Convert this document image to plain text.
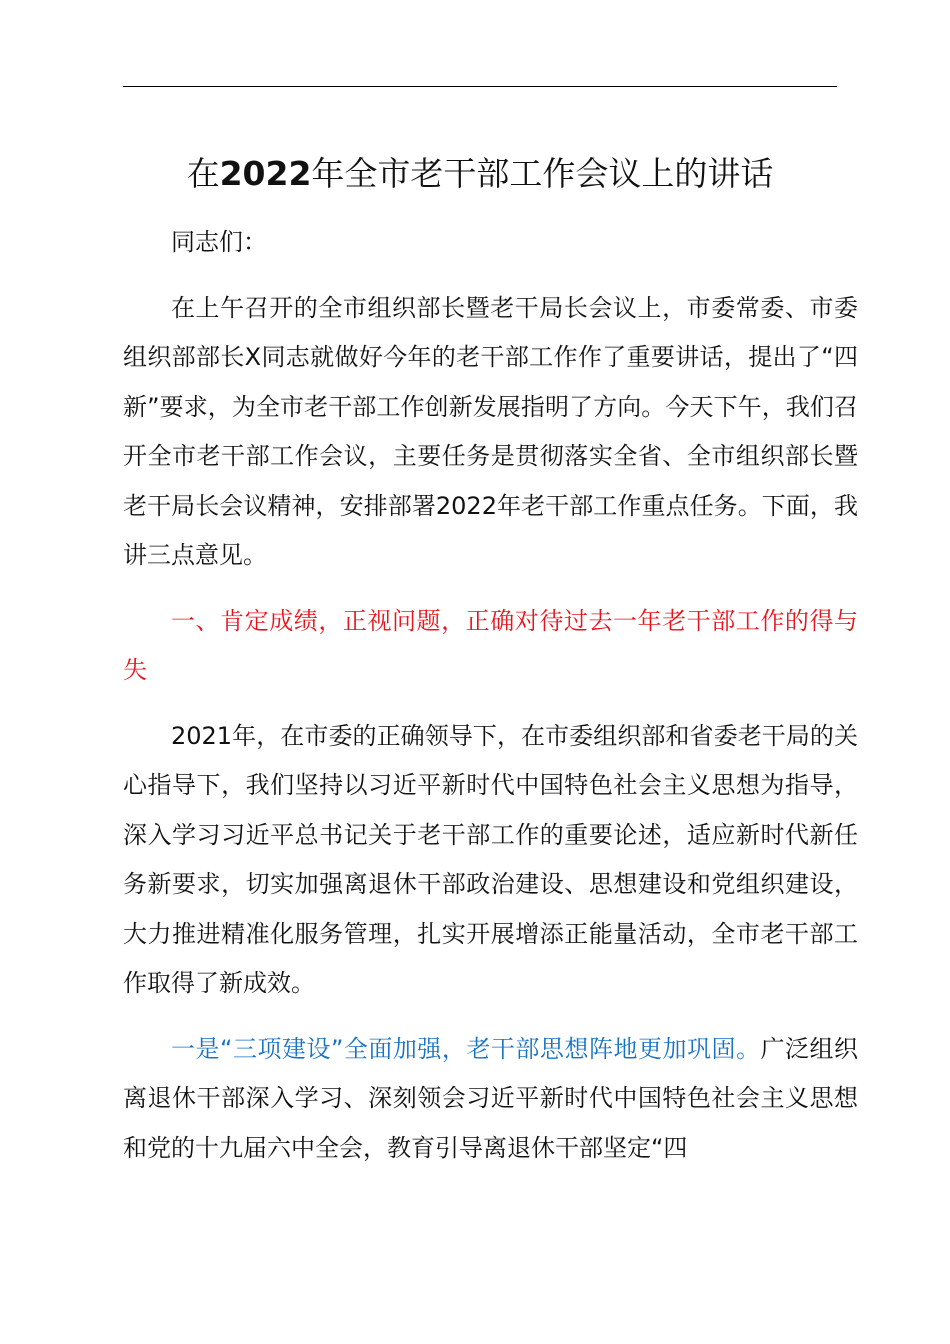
在2022年全市老干部工作会议上的讲话

同志们：

在上午召开的全市组织部长暨老干局长会议上，市委常委、市委组织部部长X同志就做好今年的老干部工作作了重要讲话，提出了“四新”要求，为全市老干部工作创新发展指明了方向。今天下午，我们召开全市老干部工作会议，主要任务是贯彻落实全省、全市组织部长暨老干局长会议精神，安排部署2022年老干部工作重点任务。下面，我讲三点意见。

一、肯定成绩，正视问题，正确对待过去一年老干部工作的得与失

2021年，在市委的正确领导下，在市委组织部和省委老干局的关心指导下，我们坚持以习近平新时代中国特色社会主义思想为指导，深入学习习近平总书记关于老干部工作的重要论述，适应新时代新任务新要求，切实加强离退休干部政治建设、思想建设和党组织建设，大力推进精准化服务管理，扎实开展增添正能量活动，全市老干部工作取得了新成效。

一是“三项建设”全面加强，老干部思想阵地更加巩固。广泛组织离退休干部深入学习、深刻领会习近平新时代中国特色社会主义思想和党的十九届六中全会，教育引导离退休干部坚定“四
